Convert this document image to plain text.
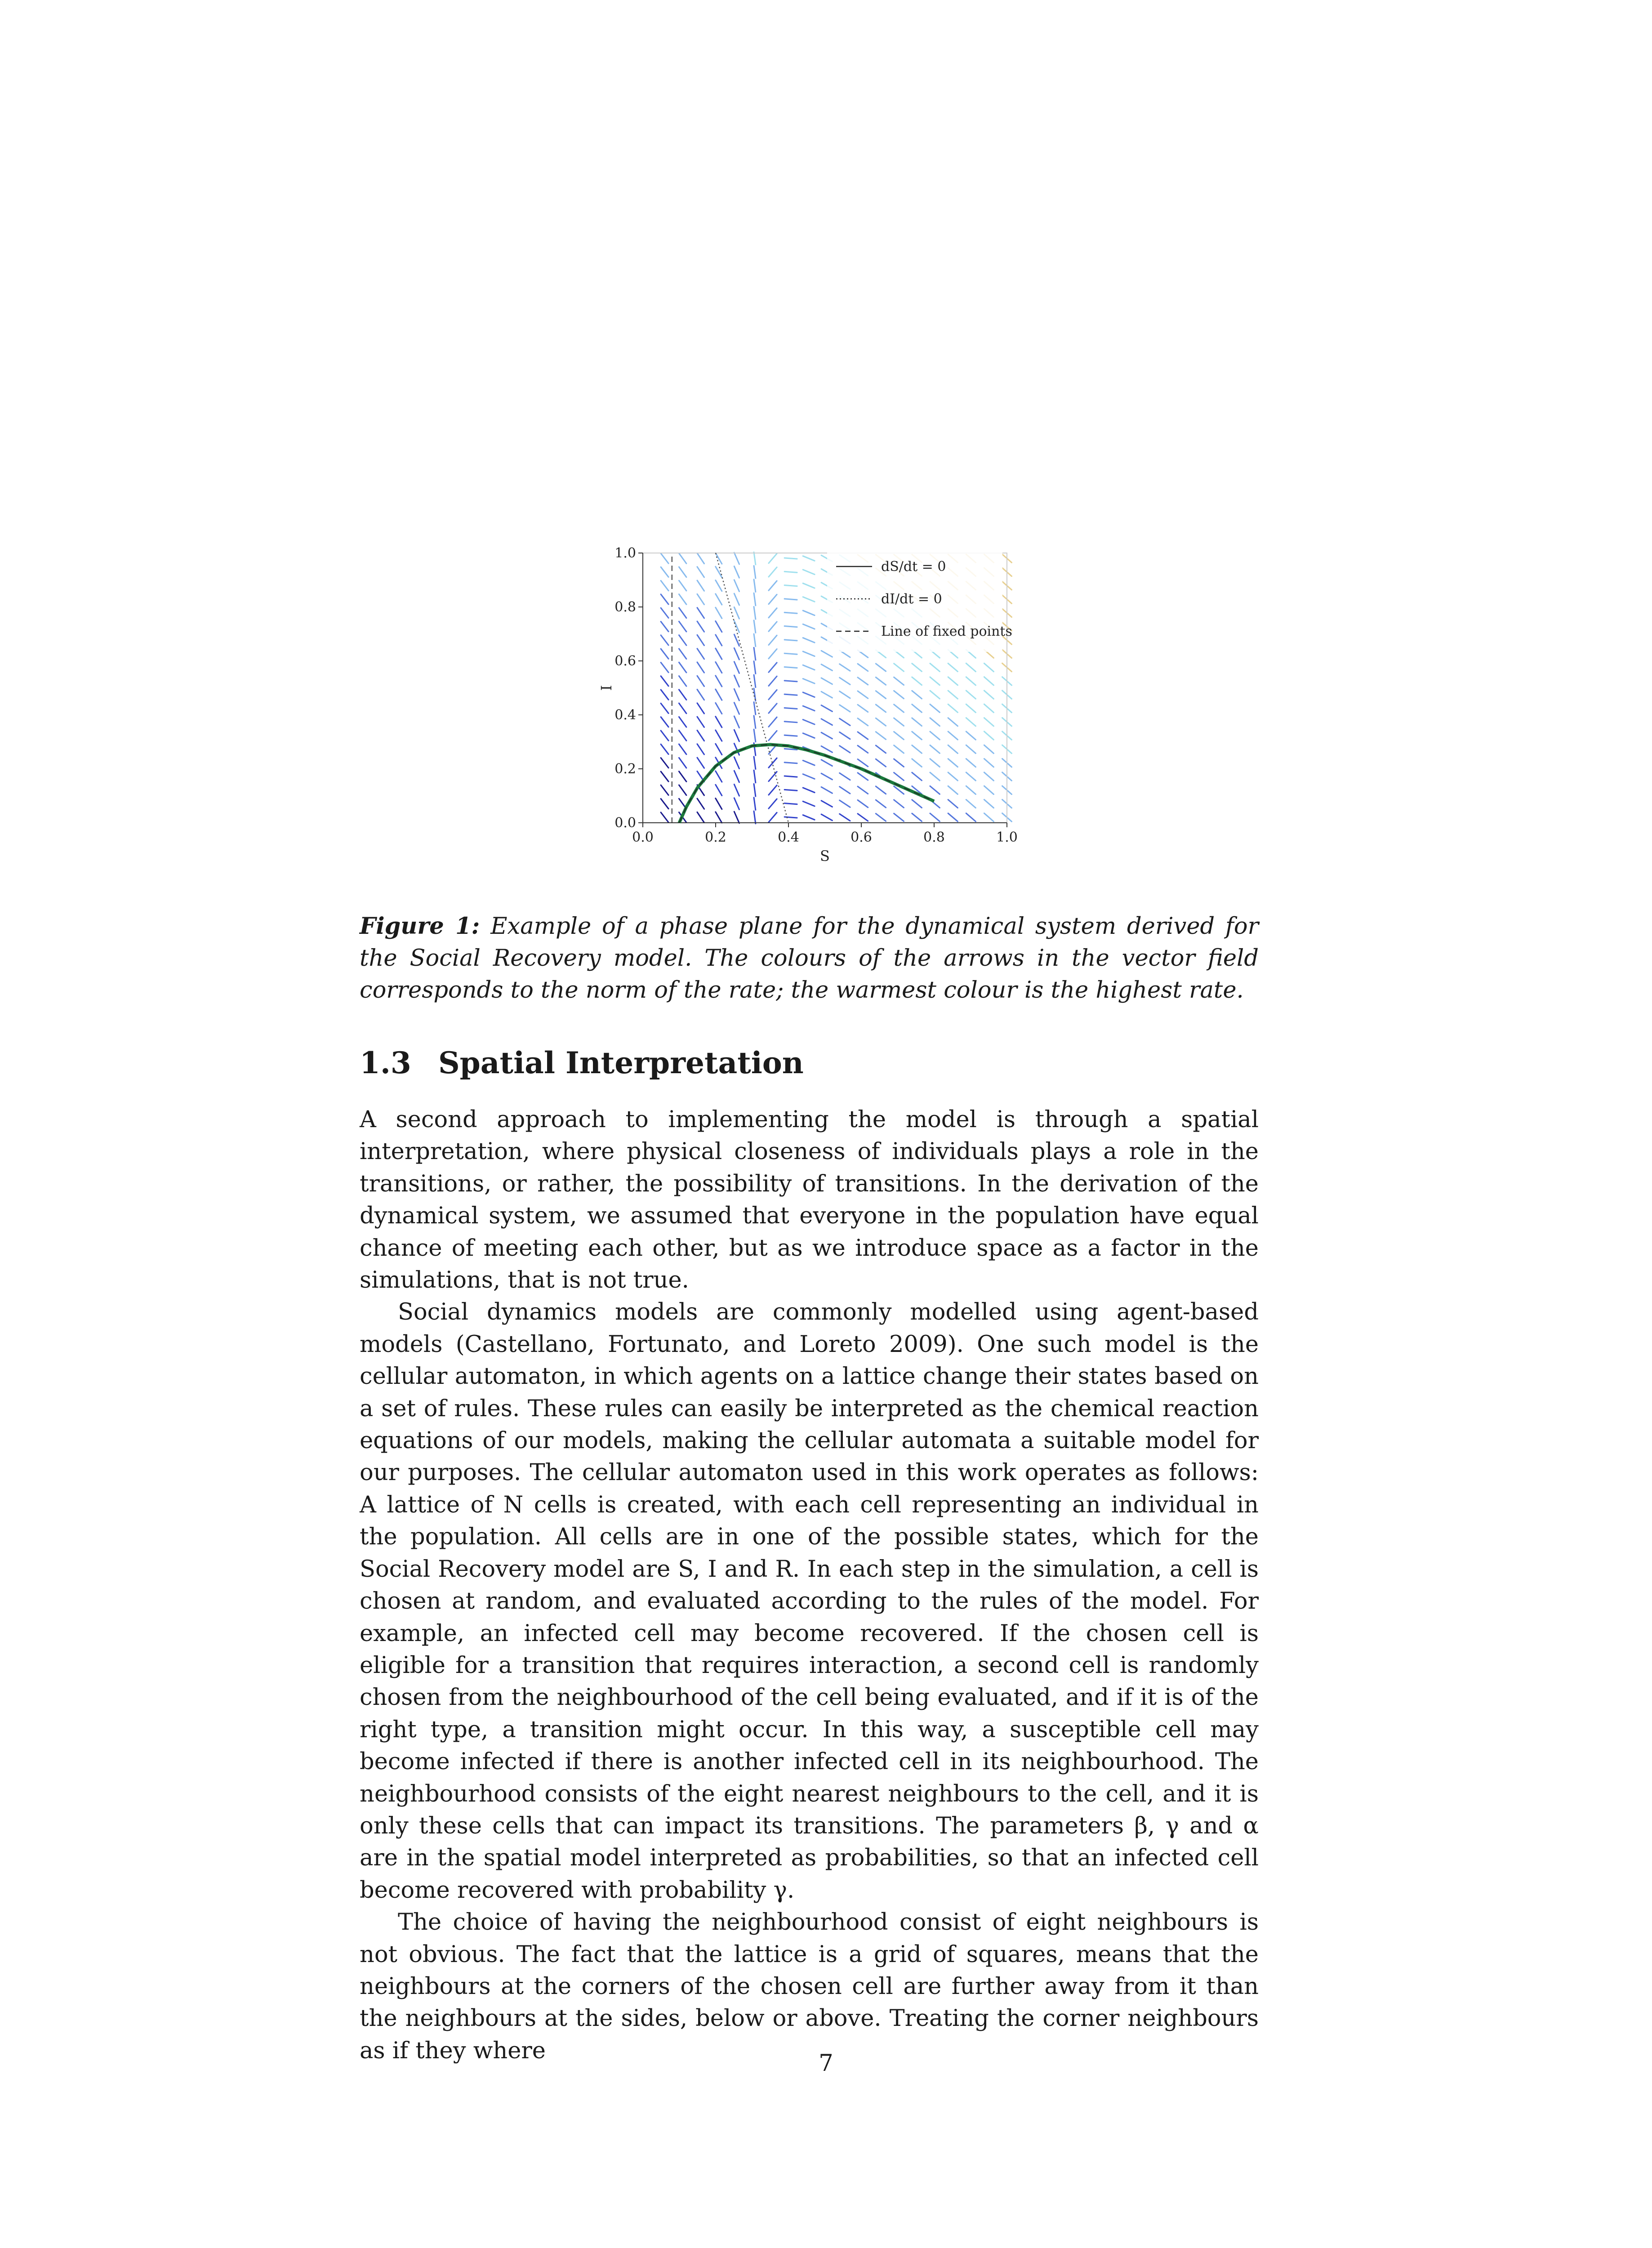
0.0	0.2	0.4	0.6	0.8	1.0
0.0
0.2
0.4
0.6
0.8
1.0
S
I
dS/dt = 0
dI/dt = 0
Line of fixed points
Figure 1: Example of a phase plane for the dynamical system derived for the Social Recovery model. The colours of the arrows in the vector field corresponds to the norm of the rate; the warmest colour is the highest rate.
1.3 Spatial Interpretation

A second approach to implementing the model is through a spatial interpretation, where physical closeness of individuals plays a role in the transitions, or rather, the possibility of transitions. In the derivation of the dynamical system, we assumed that everyone in the population have equal chance of meeting each other, but as we introduce space as a factor in the simulations, that is not true.

Social dynamics models are commonly modelled using agent-based models (Castellano, Fortunato, and Loreto 2009). One such model is the cellular automaton, in which agents on a lattice change their states based on a set of rules. These rules can easily be interpreted as the chemical reaction equations of our models, making the cellular automata a suitable model for our purposes. The cellular automaton used in this work operates as follows: A lattice of N cells is created, with each cell representing an individual in the population. All cells are in one of the possible states, which for the Social Recovery model are S, I and R. In each step in the simulation, a cell is chosen at random, and evaluated according to the rules of the model. For example, an infected cell may become recovered. If the chosen cell is eligible for a transition that requires interaction, a second cell is randomly chosen from the neighbourhood of the cell being evaluated, and if it is of the right type, a transition might occur. In this way, a susceptible cell may become infected if there is another infected cell in its neighbourhood. The neighbourhood consists of the eight nearest neighbours to the cell, and it is only these cells that can impact its transitions. The parameters β, γ and α are in the spatial model interpreted as probabilities, so that an infected cell become recovered with probability γ.

The choice of having the neighbourhood consist of eight neighbours is not obvious. The fact that the lattice is a grid of squares, means that the neighbours at the corners of the chosen cell are further away from it than the neighbours at the sides, below or above. Treating the corner neighbours as if they where	7
